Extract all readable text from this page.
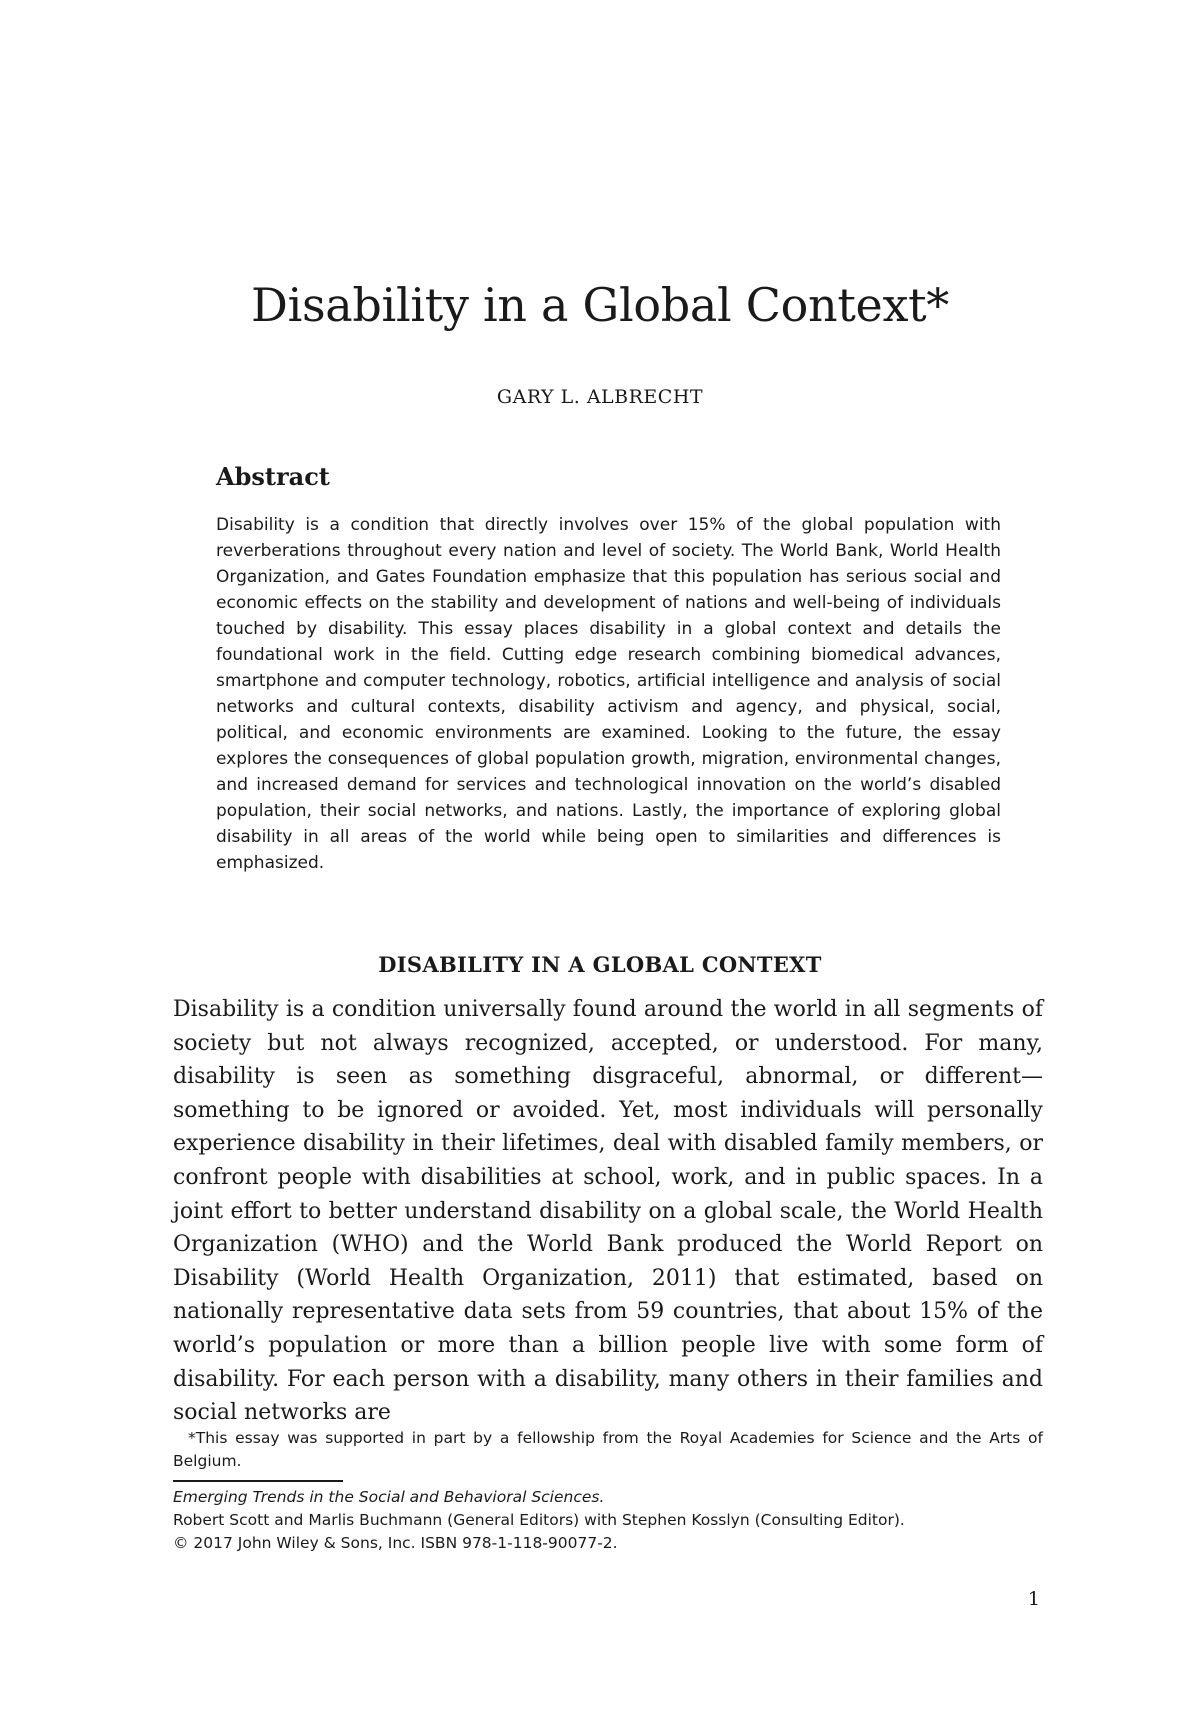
Disability in a Global Context*

GARY L. ALBRECHT

Abstract

Disability is a condition that directly involves over 15% of the global population with reverberations throughout every nation and level of society. The World Bank, World Health Organization, and Gates Foundation emphasize that this population has serious social and economic effects on the stability and development of nations and well-being of individuals touched by disability. This essay places disability in a global context and details the foundational work in the field. Cutting edge research combining biomedical advances, smartphone and computer technology, robotics, artificial intelligence and analysis of social networks and cultural contexts, disability activism and agency, and physical, social, political, and economic environments are examined. Looking to the future, the essay explores the consequences of global population growth, migration, environmental changes, and increased demand for services and technological innovation on the world’s disabled population, their social networks, and nations. Lastly, the importance of exploring global disability in all areas of the world while being open to similarities and differences is emphasized.

DISABILITY IN A GLOBAL CONTEXT

Disability is a condition universally found around the world in all segments of society but not always recognized, accepted, or understood. For many, disability is seen as something disgraceful, abnormal, or different—something to be ignored or avoided. Yet, most individuals will personally experience disability in their lifetimes, deal with disabled family members, or confront people with disabilities at school, work, and in public spaces. In a joint effort to better understand disability on a global scale, the World Health Organization (WHO) and the World Bank produced the World Report on Disability (World Health Organization, 2011) that estimated, based on nationally representative data sets from 59 countries, that about 15% of the world’s population or more than a billion people live with some form of disability. For each person with a disability, many others in their families and social networks are

*This essay was supported in part by a fellowship from the Royal Academies for Science and the Arts of Belgium.

Emerging Trends in the Social and Behavioral Sciences.
Robert Scott and Marlis Buchmann (General Editors) with Stephen Kosslyn (Consulting Editor).
© 2017 John Wiley & Sons, Inc. ISBN 978-1-118-90077-2.

1
